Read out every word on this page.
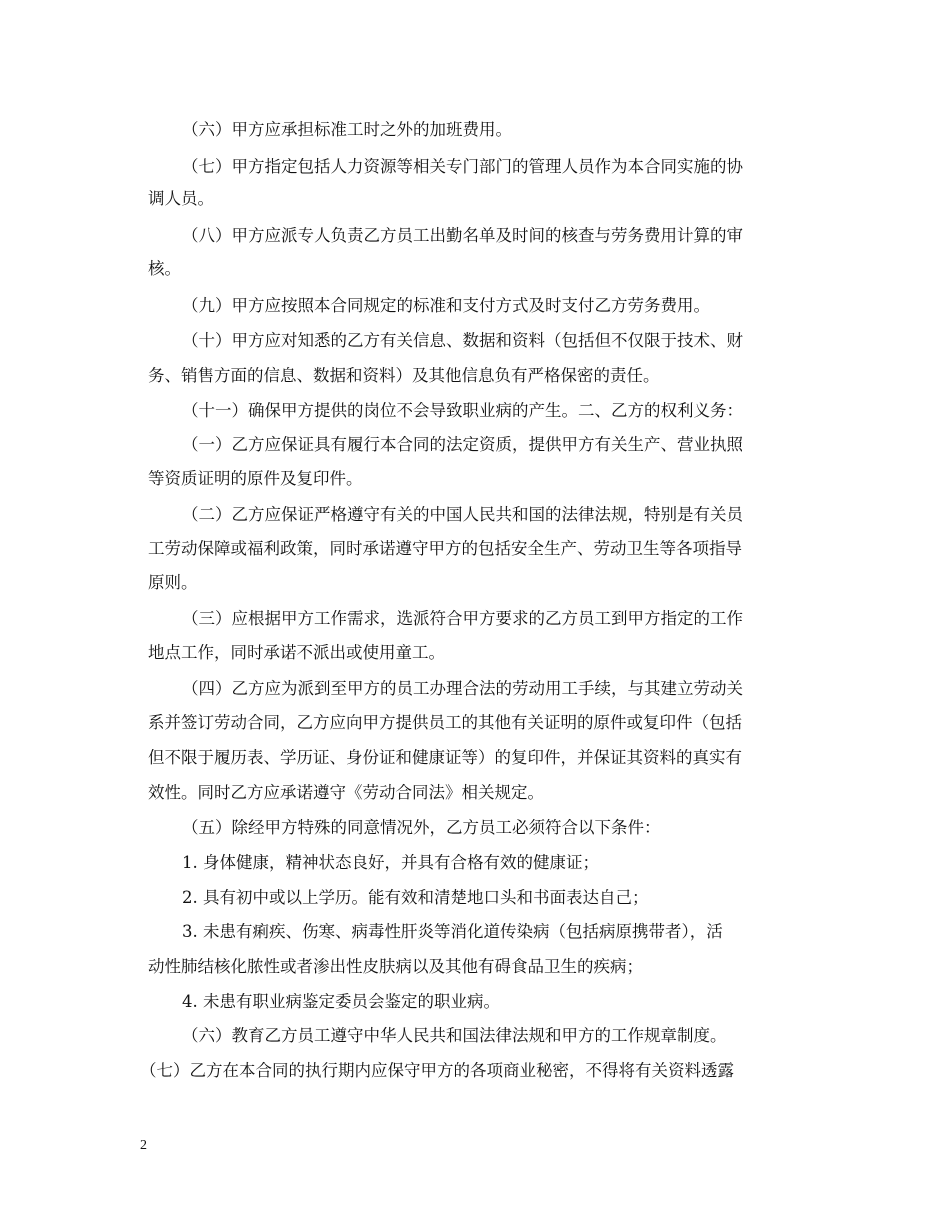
（六）甲方应承担标准工时之外的加班费用。
（七）甲方指定包括人力资源等相关专门部门的管理人员作为本合同实施的协
调人员。
（八）甲方应派专人负责乙方员工出勤名单及时间的核查与劳务费用计算的审
核。
（九）甲方应按照本合同规定的标准和支付方式及时支付乙方劳务费用。
（十）甲方应对知悉的乙方有关信息、数据和资料（包括但不仅限于技术、财
务、销售方面的信息、数据和资料）及其他信息负有严格保密的责任。
（十一）确保甲方提供的岗位不会导致职业病的产生。二、乙方的权利义务：
（一）乙方应保证具有履行本合同的法定资质，提供甲方有关生产、营业执照
等资质证明的原件及复印件。
（二）乙方应保证严格遵守有关的中国人民共和国的法律法规，特别是有关员
工劳动保障或福利政策，同时承诺遵守甲方的包括安全生产、劳动卫生等各项指导
原则。
（三）应根据甲方工作需求，选派符合甲方要求的乙方员工到甲方指定的工作
地点工作，同时承诺不派出或使用童工。
（四）乙方应为派到至甲方的员工办理合法的劳动用工手续，与其建立劳动关
系并签订劳动合同，乙方应向甲方提供员工的其他有关证明的原件或复印件（包括
但不限于履历表、学历证、身份证和健康证等）的复印件，并保证其资料的真实有
效性。同时乙方应承诺遵守《劳动合同法》相关规定。
（五）除经甲方特殊的同意情况外，乙方员工必须符合以下条件：
1. 身体健康，精神状态良好，并具有合格有效的健康证；
2. 具有初中或以上学历。能有效和清楚地口头和书面表达自己；
3. 未患有痢疾、伤寒、病毒性肝炎等消化道传染病（包括病原携带者），活
动性肺结核化脓性或者渗出性皮肤病以及其他有碍食品卫生的疾病；
4. 未患有职业病鉴定委员会鉴定的职业病。
（六）教育乙方员工遵守中华人民共和国法律法规和甲方的工作规章制度。
（七）乙方在本合同的执行期内应保守甲方的各项商业秘密，不得将有关资料透露
2
